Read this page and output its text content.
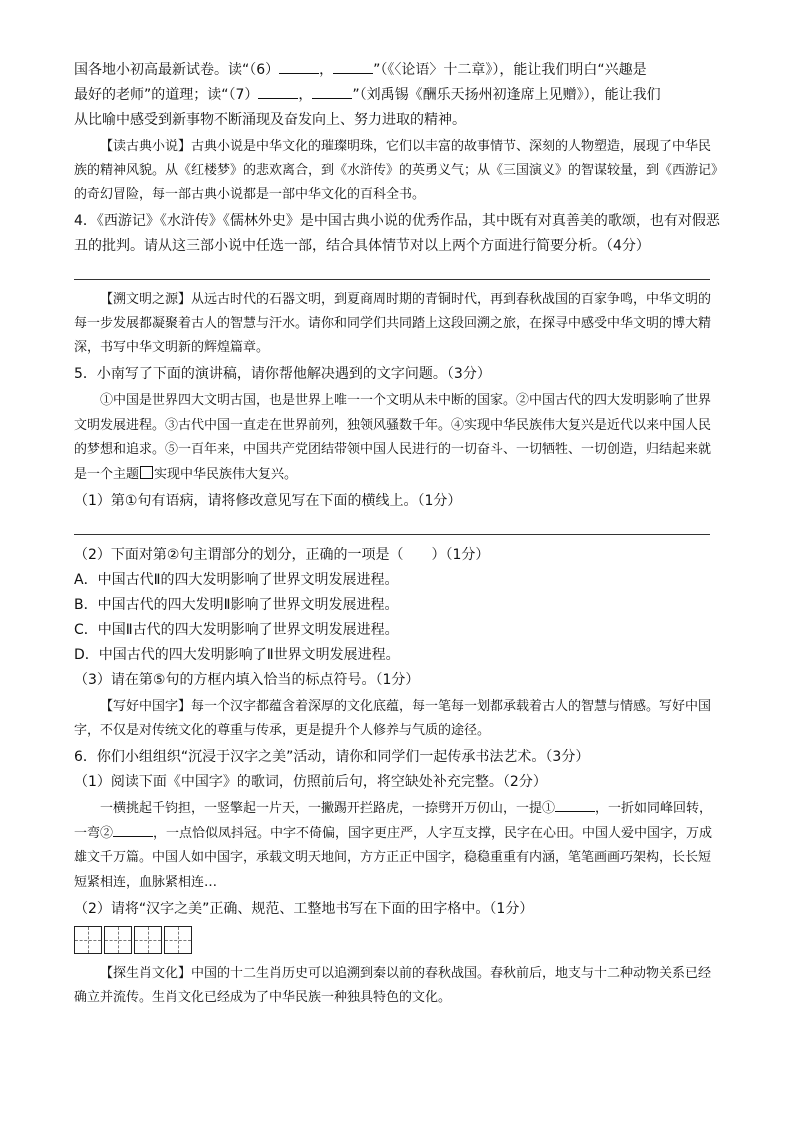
国各地小初高最新试卷。读“（6）	，	”（《〈论语〉十二章》），能让我们明白“兴趣是

最好的老师”的道理；读“（7）	，	”（刘禹锡《酬乐天扬州初逢席上见赠》），能让我们

从比喻中感受到新事物不断涌现及奋发向上、努力进取的精神。

【读古典小说】古典小说是中华文化的璀璨明珠，它们以丰富的故事情节、深刻的人物塑造，展现了中华民族的精神风貌。从《红楼梦》的悲欢离合，到《水浒传》的英勇义气；从《三国演义》的智谋较量，到《西游记》的奇幻冒险，每一部古典小说都是一部中华文化的百科全书。

4．《西游记》《水浒传》《儒林外史》是中国古典小说的优秀作品，其中既有对真善美的歌颂，也有对假恶丑的批判。请从这三部小说中任选一部，结合具体情节对以上两个方面进行简要分析。（4分）

【溯文明之源】从远古时代的石器文明，到夏商周时期的青铜时代，再到春秋战国的百家争鸣，中华文明的每一步发展都凝聚着古人的智慧与汗水。请你和同学们共同踏上这段回溯之旅，在探寻中感受中华文明的博大精深，书写中华文明新的辉煌篇章。

5．小南写了下面的演讲稿，请你帮他解决遇到的文字问题。（3分）

①中国是世界四大文明古国，也是世界上唯一一个文明从未中断的国家。②中国古代的四大发明影响了世界文明发展进程。③古代中国一直走在世界前列，独领风骚数千年。④实现中华民族伟大复兴是近代以来中国人民的梦想和追求。⑤一百年来，中国共产党团结带领中国人民进行的一切奋斗、一切牺牲、一切创造，归结起来就是一个主题 实现中华民族伟大复兴。

（1）第①句有语病，请将修改意见写在下面的横线上。（1分）

（2）下面对第②句主谓部分的划分，正确的一项是（　　）（1分）

A．中国古代Ⅱ的四大发明影响了世界文明发展进程。

B．中国古代的四大发明Ⅱ影响了世界文明发展进程。

C．中国Ⅱ古代的四大发明影响了世界文明发展进程。

D．中国古代的四大发明影响了Ⅱ世界文明发展进程。

（3）请在第⑤句的方框内填入恰当的标点符号。（1分）

【写好中国字】每一个汉字都蕴含着深厚的文化底蕴，每一笔每一划都承载着古人的智慧与情感。写好中国字，不仅是对传统文化的尊重与传承，更是提升个人修养与气质的途径。

6．你们小组组织“沉浸于汉字之美”活动，请你和同学们一起传承书法艺术。（3分）

（1）阅读下面《中国字》的歌词，仿照前后句，将空缺处补充完整。（2分）

一横挑起千钧担，一竖擎起一片天，一撇踢开拦路虎，一捺劈开万仞山，一提①	，一折如同峰回转，一弯②	，一点恰似凤抖冠。中字不倚偏，国字更庄严，人字互支撑，民字在心田。中国人爱中国字，万成雄文千万篇。中国人如中国字，承载文明天地间，方方正正中国字，稳稳重重有内涵，笔笔画画巧架构，长长短短紧相连，血脉紧相连…

（2）请将“汉字之美”正确、规范、工整地书写在下面的田字格中。（1分）

【探生肖文化】中国的十二生肖历史可以追溯到秦以前的春秋战国。春秋前后，地支与十二种动物关系已经确立并流传。生肖文化已经成为了中华民族一种独具特色的文化。
